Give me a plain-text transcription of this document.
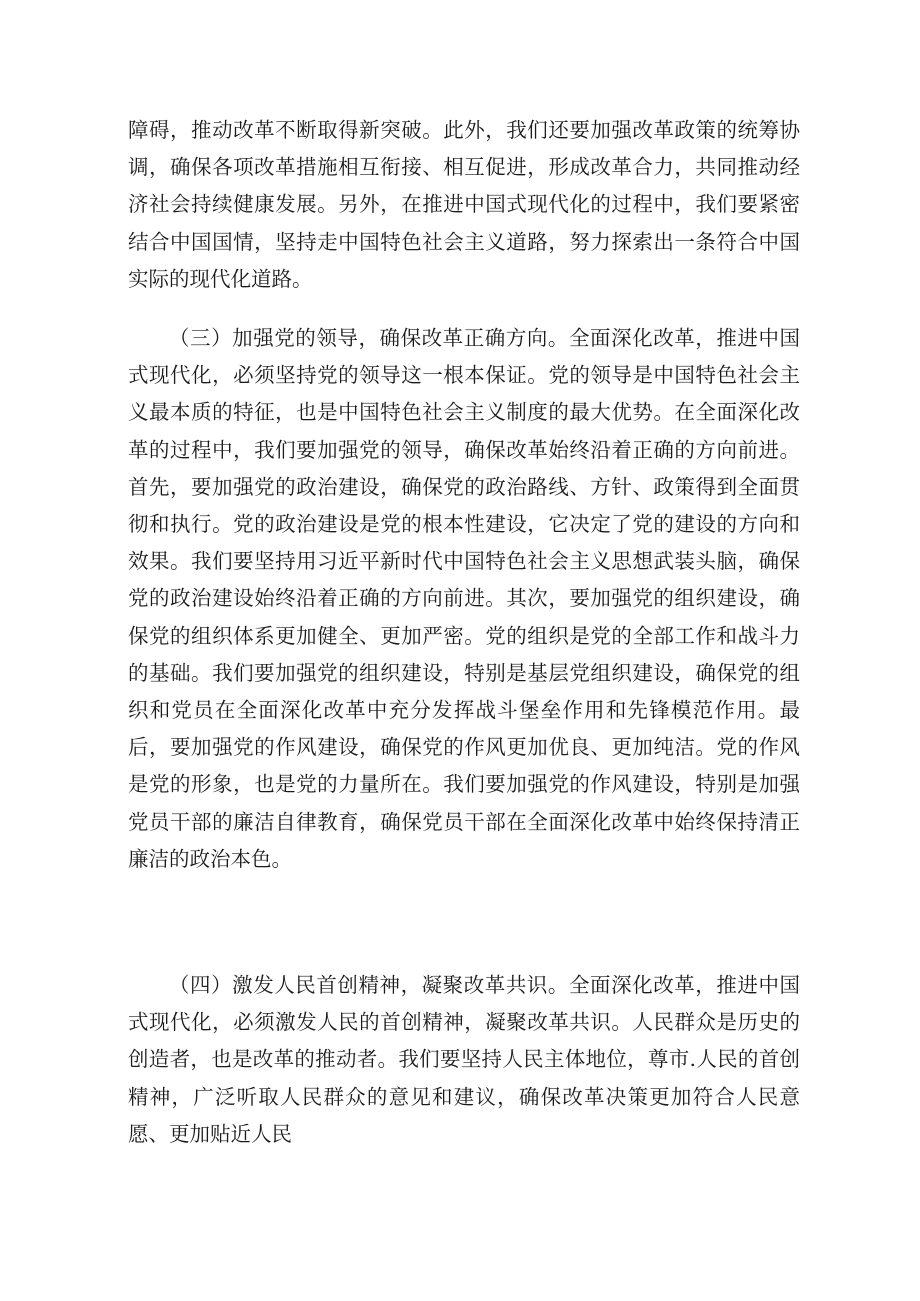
障碍，推动改革不断取得新突破。此外，我们还要加强改革政策的统筹协调，确保各项改革措施相互衔接、相互促进，形成改革合力，共同推动经济社会持续健康发展。另外，在推进中国式现代化的过程中，我们要紧密结合中国国情，坚持走中国特色社会主义道路，努力探索出一条符合中国实际的现代化道路。

（三）加强党的领导，确保改革正确方向。全面深化改革，推进中国式现代化，必须坚持党的领导这一根本保证。党的领导是中国特色社会主义最本质的特征，也是中国特色社会主义制度的最大优势。在全面深化改革的过程中，我们要加强党的领导，确保改革始终沿着正确的方向前进。首先，要加强党的政治建设，确保党的政治路线、方针、政策得到全面贯彻和执行。党的政治建设是党的根本性建设，它决定了党的建设的方向和效果。我们要坚持用习近平新时代中国特色社会主义思想武装头脑，确保党的政治建设始终沿着正确的方向前进。其次，要加强党的组织建设，确保党的组织体系更加健全、更加严密。党的组织是党的全部工作和战斗力的基础。我们要加强党的组织建设，特别是基层党组织建设，确保党的组织和党员在全面深化改革中充分发挥战斗堡垒作用和先锋模范作用。最后，要加强党的作风建设，确保党的作风更加优良、更加纯洁。党的作风是党的形象，也是党的力量所在。我们要加强党的作风建设，特别是加强党员干部的廉洁自律教育，确保党员干部在全面深化改革中始终保持清正廉洁的政治本色。

（四）激发人民首创精神，凝聚改革共识。全面深化改革，推进中国式现代化，必须激发人民的首创精神，凝聚改革共识。人民群众是历史的创造者，也是改革的推动者。我们要坚持人民主体地位，尊市.人民的首创精神，广泛听取人民群众的意见和建议，确保改革决策更加符合人民意愿、更加贴近人民
